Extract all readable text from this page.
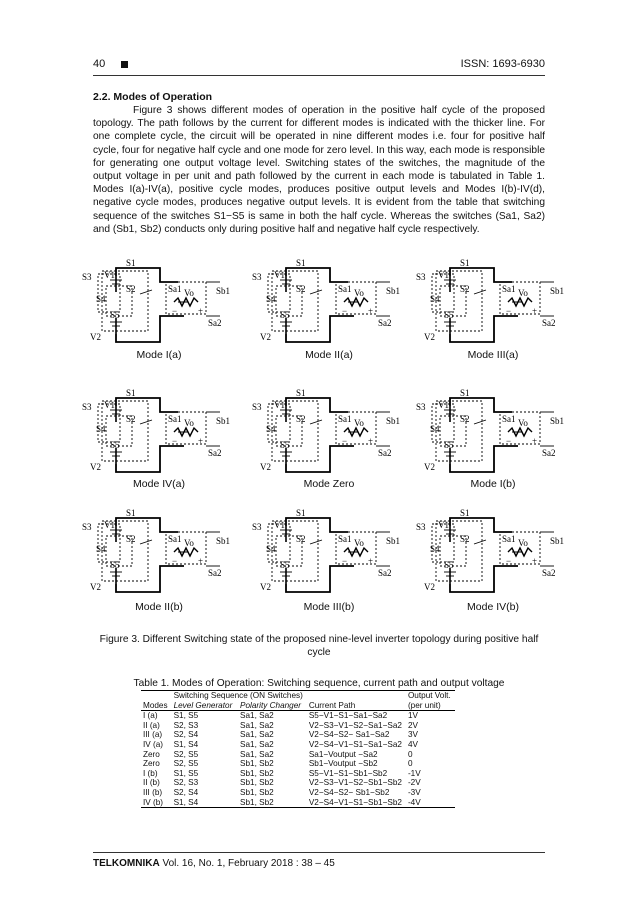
40	ISSN: 1693-6930
2.2. Modes of Operation

Figure 3 shows different modes of operation in the positive half cycle of the proposed topology. The path follows by the current for different modes is indicated with the thicker line. For one complete cycle, the circuit will be operated in nine different modes i.e. four for positive half cycle, four for negative half cycle and one mode for zero level. In this way, each mode is responsible for generating one output voltage level. Switching states of the switches, the magnitude of the output voltage in per unit and path followed by the current in each mode is tabulated in Table 1. Modes I(a)-IV(a), positive cycle modes, produces positive output levels and Modes I(b)-IV(d), negative cycle modes, produces negative output levels. It is evident from the table that switching sequence of the switches S1−S5 is same in both the half cycle. Whereas the switches (Sa1, Sa2) and (Sb1, Sb2) conducts only during positive half and negative half cycle respectively.

S1
S3 V1
S2
S4
S5
V2
Sa1 Vo
− +
Sa2
Sb1
Mode I(a)
S1
S3 V1
S2
S4
S5
V2
Sa1 Vo
− +
Sa2
Sb1
Mode II(a)
S1
S3 V1
S2
S4
S5
V2
Sa1 Vo
− +
Sa2
Sb1
Mode III(a)
S1
S3 V1
S2
S4
S5
V2
Sa1 Vo
− +
Sa2
Sb1
Mode IV(a)
S1
S3 V1
S2
S4
S5
V2
Sa1 Vo
− +
Sa2
Sb1
Mode Zero
S1
S3 V1
S2
S4
S5
V2
Sa1 Vo
− +
Sa2
Sb1
Mode I(b)
S1
S3 V1
S2
S4
S5
V2
Sa1 Vo
− +
Sa2
Sb1
Mode II(b)
S1
S3 V1
S2
S4
S5
V2
Sa1 Vo
− +
Sa2
Sb1
Mode III(b)
S1
S3 V1
S2
S4
S5
V2
Sa1 Vo
− +
Sa2
Sb1
Mode IV(b)
Figure 3. Different Switching state of the proposed nine-level inverter topology during positive half cycle
Table 1. Modes of Operation: Switching sequence, current path and output voltage
	Switching Sequence (ON Switches)			Output Volt.
Modes	Level Generator	Polarity Changer	Current Path	(per unit)
I (a)	S1, S5	Sa1, Sa2	S5−V1−S1−Sa1−Sa2	1V
II (a)	S2, S3	Sa1, Sa2	V2−S3−V1−S2−Sa1−Sa2	2V
III (a)	S2, S4	Sa1, Sa2	V2−S4−S2− Sa1−Sa2	3V
IV (a)	S1, S4	Sa1, Sa2	V2−S4−V1−S1−Sa1−Sa2	4V
Zero	S2, S5	Sa1, Sa2	Sa1−Voutput −Sa2	0
Zero	S2, S5	Sb1, Sb2	Sb1−Voutput −Sb2	0
I (b)	S1, S5	Sb1, Sb2	S5−V1−S1−Sb1−Sb2	-1V
II (b)	S2, S3	Sb1, Sb2	V2−S3−V1−S2−Sb1−Sb2	-2V
III (b)	S2, S4	Sb1, Sb2	V2−S4−S2− Sb1−Sb2	-3V
IV (b)	S1, S4	Sb1, Sb2	V2−S4−V1−S1−Sb1−Sb2	-4V
TELKOMNIKA Vol. 16, No. 1, February 2018 : 38 – 45
